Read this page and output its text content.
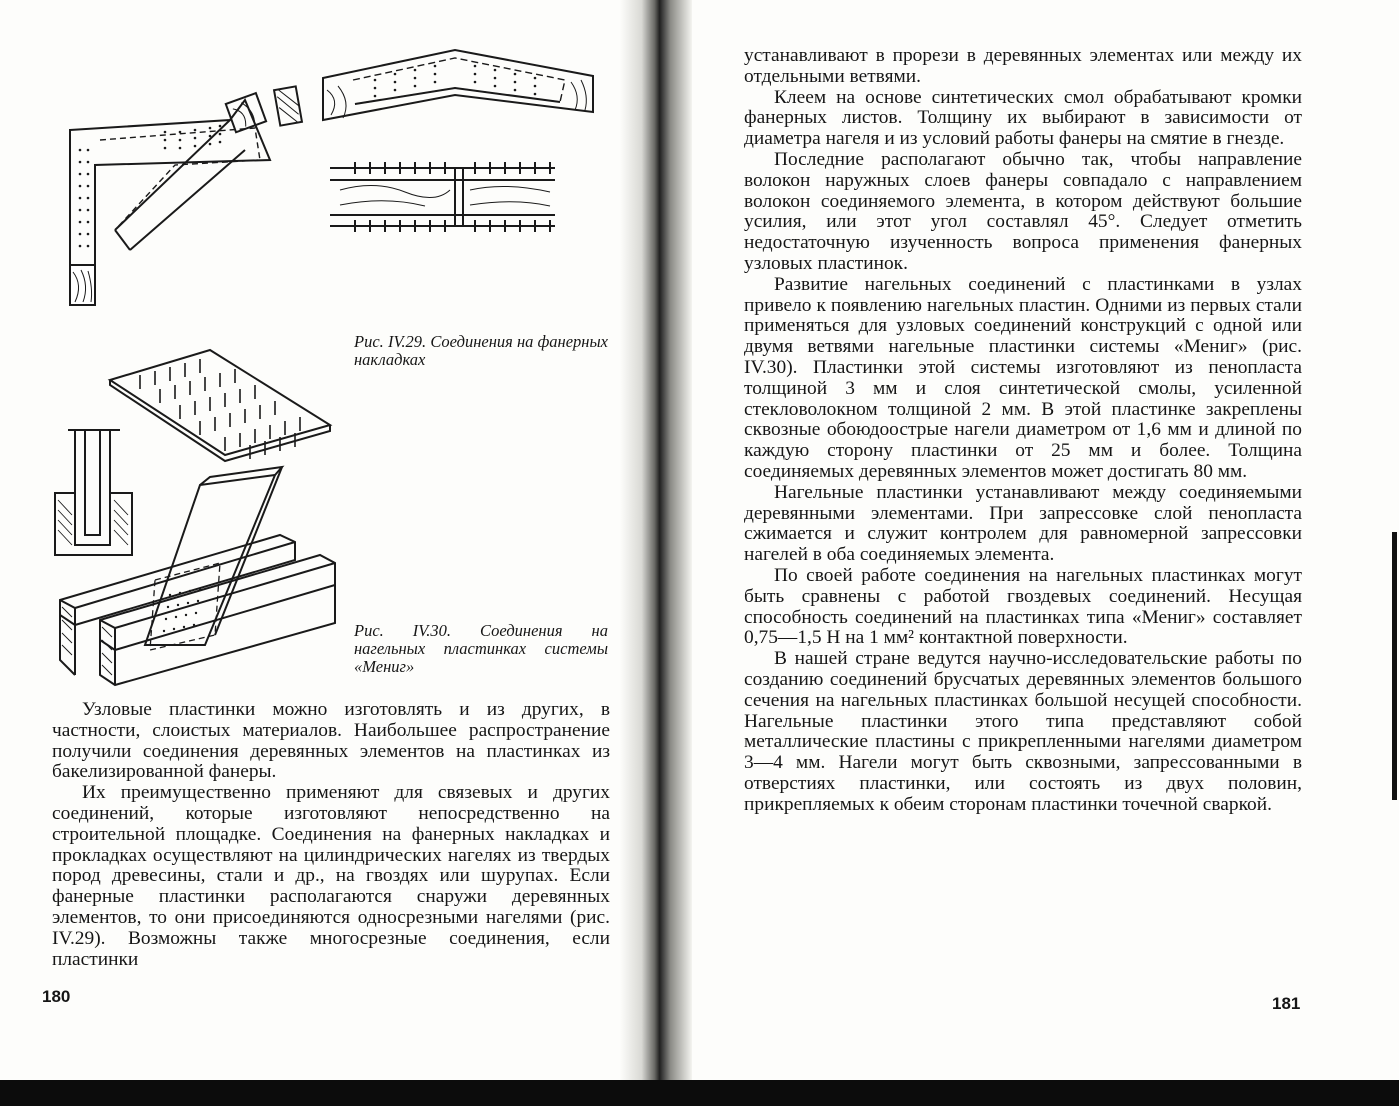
Рис. IV.29. Соединения на фанерных накладках
Рис. IV.30. Соединения на нагельных пластинках системы «Мениг»

Узловые пластинки можно изготовлять и из других, в частности, слоистых материалов. Наибольшее распространение получили соединения деревянных элементов на пластинках из бакелизированной фанеры.

Их преимущественно применяют для связевых и других соединений, которые изготовляют непосредственно на строительной площадке. Соединения на фанерных накладках и прокладках осуществляют на цилиндрических нагелях из твердых пород древесины, стали и др., на гвоздях или шурупах. Если фанерные пластинки располагаются снаружи деревянных элементов, то они присоединяются односрезными нагелями (рис. IV.29). Возможны также многосрезные соединения, если пластинки

180

устанавливают в прорези в деревянных элементах или между их отдельными ветвями.

Клеем на основе синтетических смол обрабатывают кромки фанерных листов. Толщину их выбирают в зависимости от диаметра нагеля и из условий работы фанеры на смятие в гнезде.

Последние располагают обычно так, чтобы направление волокон наружных слоев фанеры совпадало с направлением волокон соединяемого элемента, в котором действуют большие усилия, или этот угол составлял 45°. Следует отметить недостаточную изученность вопроса применения фанерных узловых пластинок.

Развитие нагельных соединений с пластинками в узлах привело к появлению нагельных пластин. Одними из первых стали применяться для узловых соединений конструкций с одной или двумя ветвями нагельные пластинки системы «Мениг» (рис. IV.30). Пластинки этой системы изготовляют из пенопласта толщиной 3 мм и слоя синтетической смолы, усиленной стекловолокном толщиной 2 мм. В этой пластинке закреплены сквозные обоюдоострые нагели диаметром от 1,6 мм и длиной по каждую сторону пластинки от 25 мм и более. Толщина соединяемых деревянных элементов может достигать 80 мм.

Нагельные пластинки устанавливают между соединяемыми деревянными элементами. При запрессовке слой пенопласта сжимается и служит контролем для равномерной запрессовки нагелей в оба соединяемых элемента.

По своей работе соединения на нагельных пластинках могут быть сравнены с работой гвоздевых соединений. Несущая способность соединений на пластинках типа «Мениг» составляет 0,75—1,5 Н на 1 мм² контактной поверхности.

В нашей стране ведутся научно-исследовательские работы по созданию соединений брусчатых деревянных элементов большого сечения на нагельных пластинках большой несущей способности. Нагельные пластинки этого типа представляют собой металлические пластины с прикрепленными нагелями диаметром 3—4 мм. Нагели могут быть сквозными, запрессованными в отверстиях пластинки, или состоять из двух половин, прикрепляемых к обеим сторонам пластинки точечной сваркой.

181
